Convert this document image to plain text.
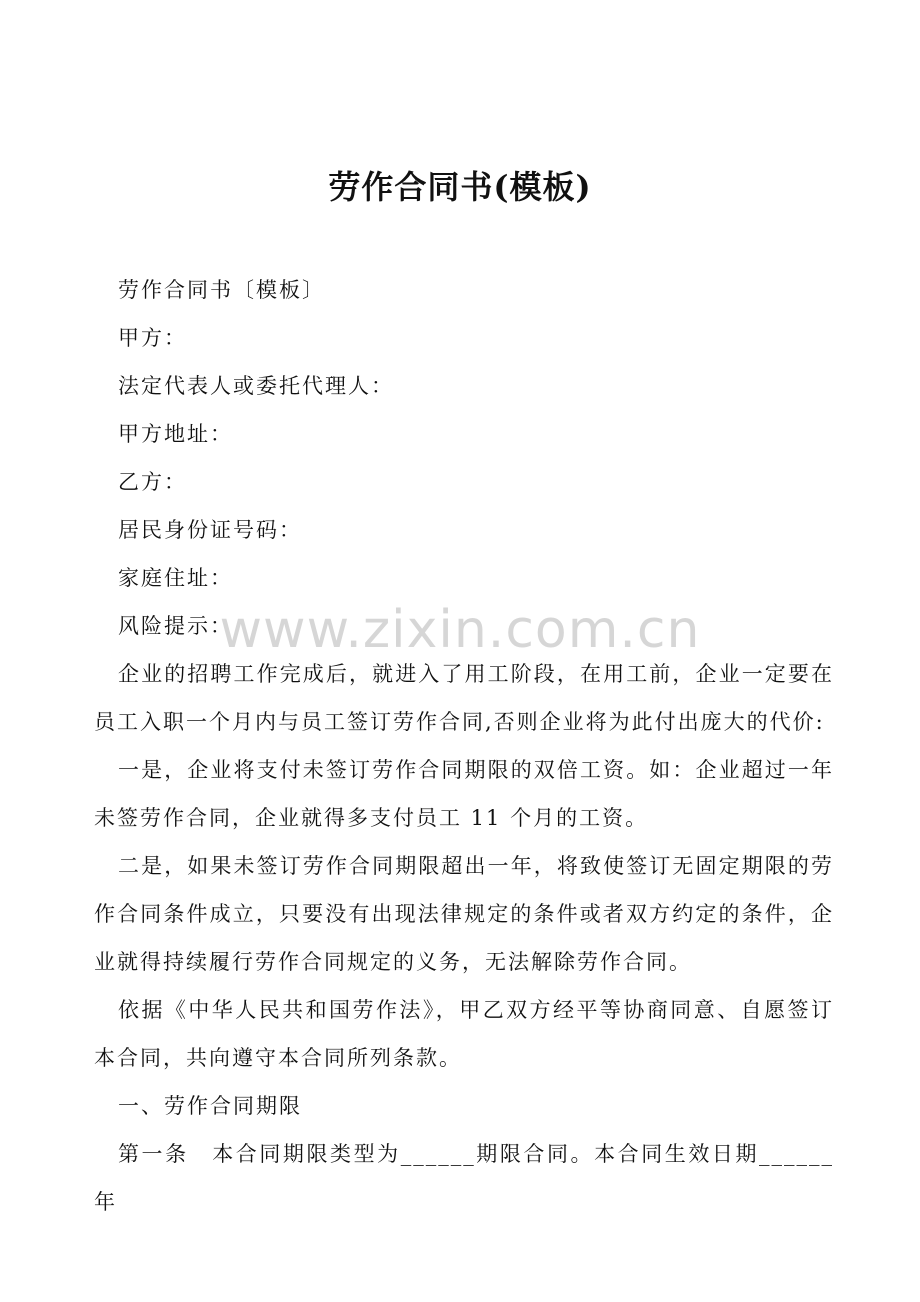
www.zixin.com.cn
劳作合同书(模板)

劳作合同书〔模板〕

甲方：

法定代表人或委托代理人：

甲方地址：

乙方：

居民身份证号码：

家庭住址：

风险提示：

企业的招聘工作完成后，就进入了用工阶段，在用工前，企业一定要在员工入职一个月内与员工签订劳作合同,否则企业将为此付出庞大的代价:

一是，企业将支付未签订劳作合同期限的双倍工资。如：企业超过一年未签劳作合同，企业就得多支付员工 11 个月的工资。

二是，如果未签订劳作合同期限超出一年，将致使签订无固定期限的劳作合同条件成立，只要没有出现法律规定的条件或者双方约定的条件，企业就得持续履行劳作合同规定的义务，无法解除劳作合同。

依据《中华人民共和国劳作法》，甲乙双方经平等协商同意、自愿签订本合同，共向遵守本合同所列条款。

一、劳作合同期限

第一条　本合同期限类型为______期限合同。本合同生效日期______年
